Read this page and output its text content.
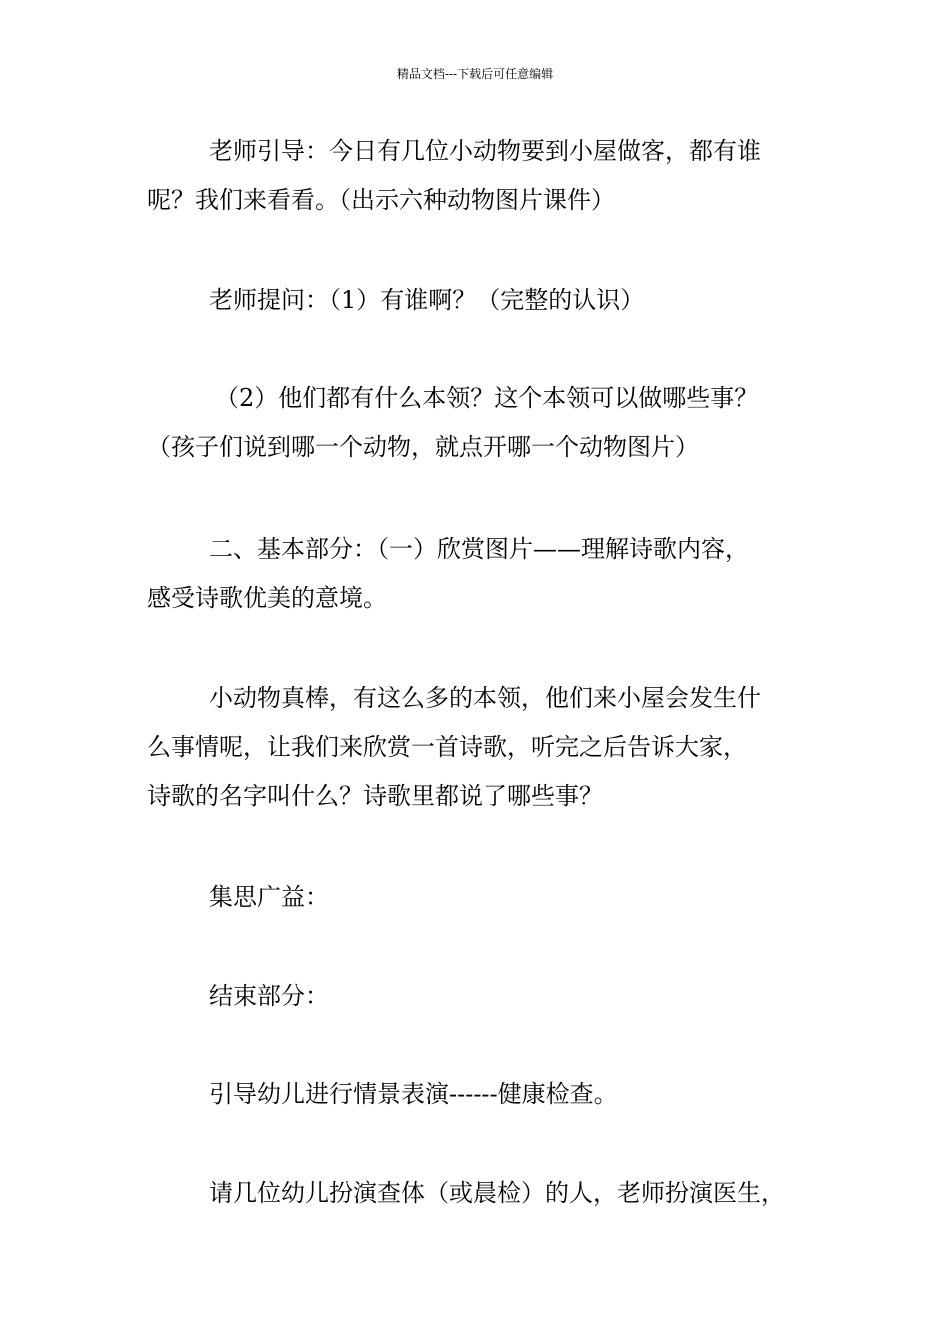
精品文档---下载后可任意编辑
老师引导：今日有几位小动物要到小屋做客，都有谁
呢？我们来看看。（出示六种动物图片课件）
老师提问：（1）有谁啊？（完整的认识）
（2）他们都有什么本领？这个本领可以做哪些事？
（孩子们说到哪一个动物，就点开哪一个动物图片）
二、基本部分：（一）欣赏图片——理解诗歌内容，
感受诗歌优美的意境。
小动物真棒，有这么多的本领，他们来小屋会发生什
么事情呢，让我们来欣赏一首诗歌，听完之后告诉大家，
诗歌的名字叫什么？诗歌里都说了哪些事？
集思广益：
结束部分：
引导幼儿进行情景表演------健康检查。
请几位幼儿扮演查体（或晨检）的人，老师扮演医生，
